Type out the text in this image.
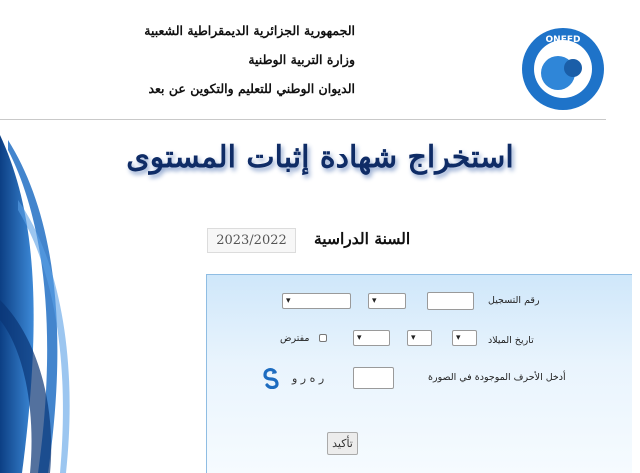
الجمهورية الجزائرية الديمقراطية الشعبية
وزارة التربية الوطنية
الديوان الوطني للتعليم والتكوين عن بعد
ONEFD
استخراج شهادة إثبات المستوى
السنة الدراسية
2023/2022
رقم التسجيل
▾
▾
تاريخ الميلاد
▾
▾
▾
مفترض
أدخل الأحرف الموجودة في الصورة
ﺭ ﻩ ﺭ ﻭ
تأكيد
